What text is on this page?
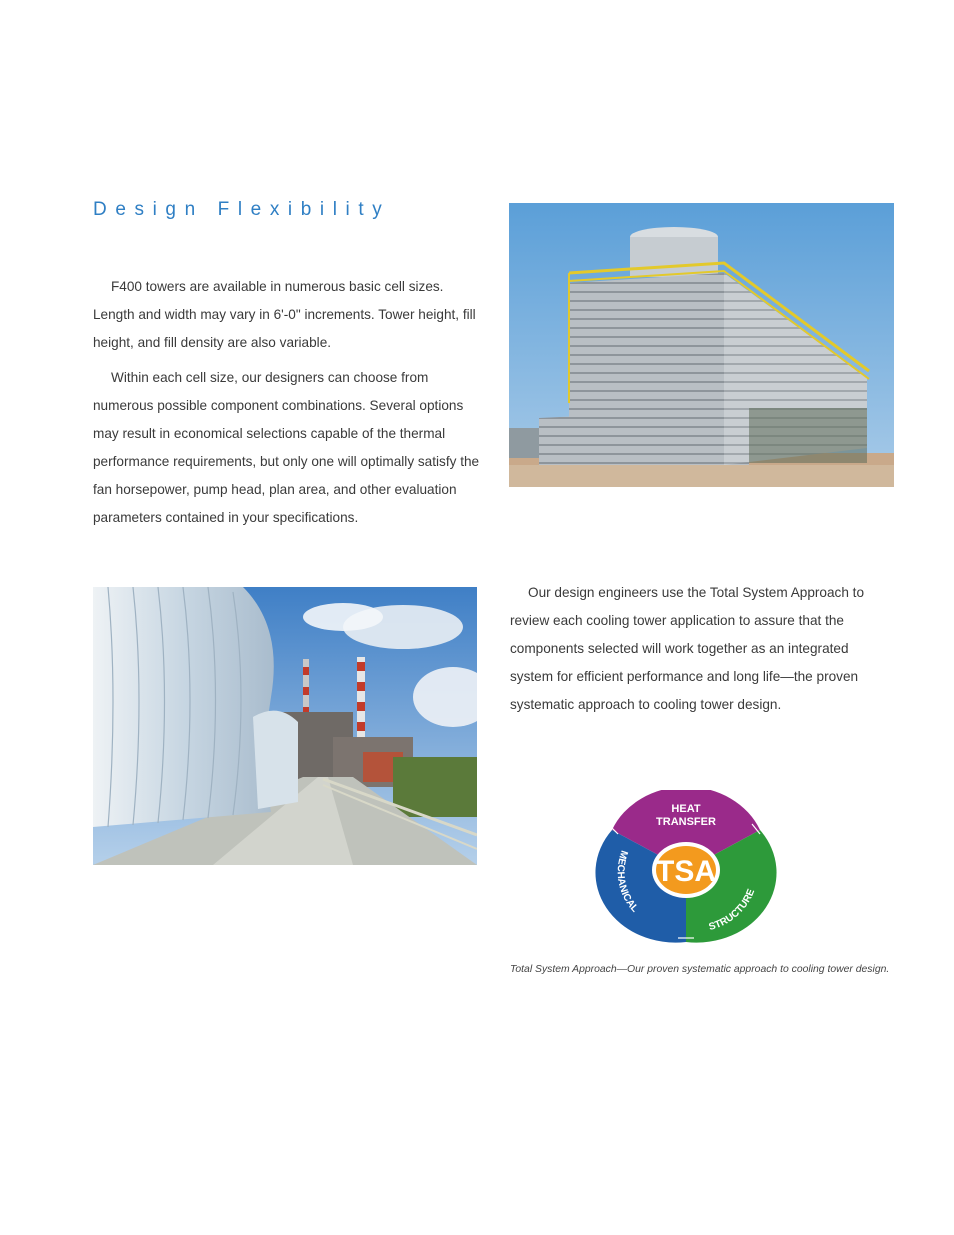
Design Flexibility

F400 towers are available in numerous basic cell sizes. Length and width may vary in 6'-0" increments. Tower height, fill height, and fill density are also variable.

Within each cell size, our designers can choose from numerous possible component combinations. Several options may result in economical selections capable of the thermal performance requirements, but only one will optimally satisfy the fan horsepower, pump head, plan area, and other evaluation parameters contained in your specifications.

Our design engineers use the Total System Approach to review each cooling tower application to assure that the components selected will work together as an integrated system for efficient performance and long life—the proven systematic approach to cooling tower design.

TSA
HEAT
TRANSFER
MECHANICAL
STRUCTURE
Total System Approach—Our proven systematic approach to cooling tower design.
